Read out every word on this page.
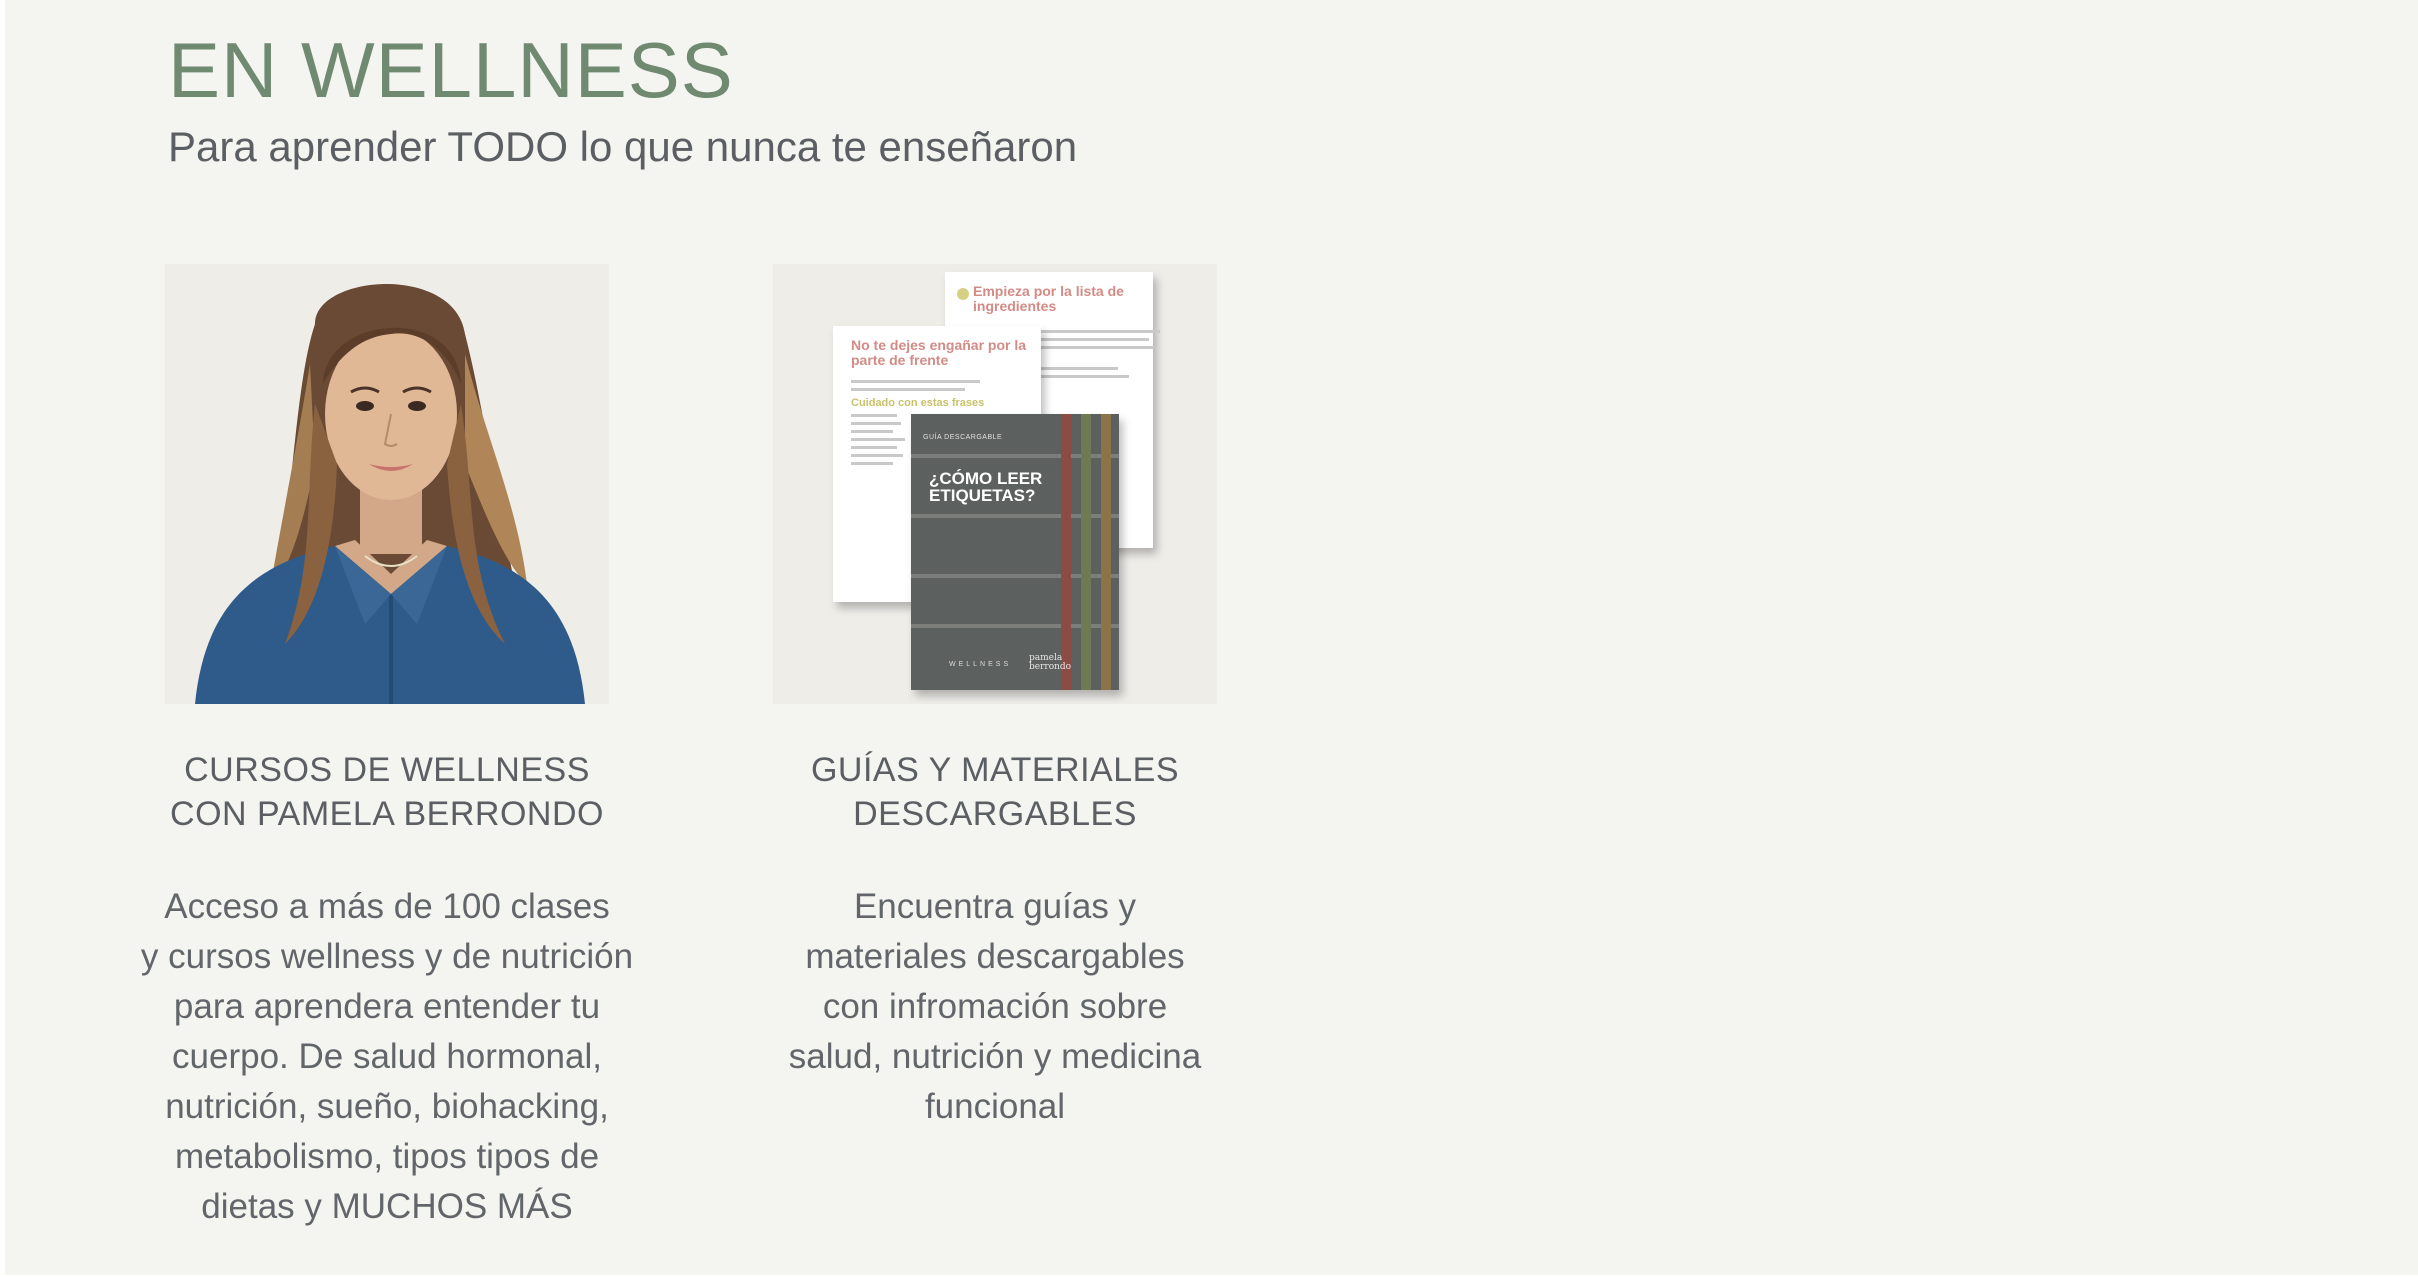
EN WELLNESS

Para aprender TODO lo que nunca te enseñaron

CURSOS DE WELLNESS
CON PAMELA BERRONDO

Acceso a más de 100 clases
y cursos wellness y de nutrición
para aprendera entender tu
cuerpo. De salud hormonal,
nutrición, sueño, biohacking,
metabolismo, tipos tipos de
dietas y MUCHOS MÁS

Empieza por la lista de ingredientes
No te dejes engañar por la parte de frente
Cuidado con estas frases
GUÍA DESCARGABLE
¿CÓMO LEER
ETIQUETAS?
WELLNESS
pamela
berrondo
GUÍAS Y MATERIALES
DESCARGABLES

Encuentra guías y
materiales descargables
con infromación sobre
salud, nutrición y medicina
funcional
